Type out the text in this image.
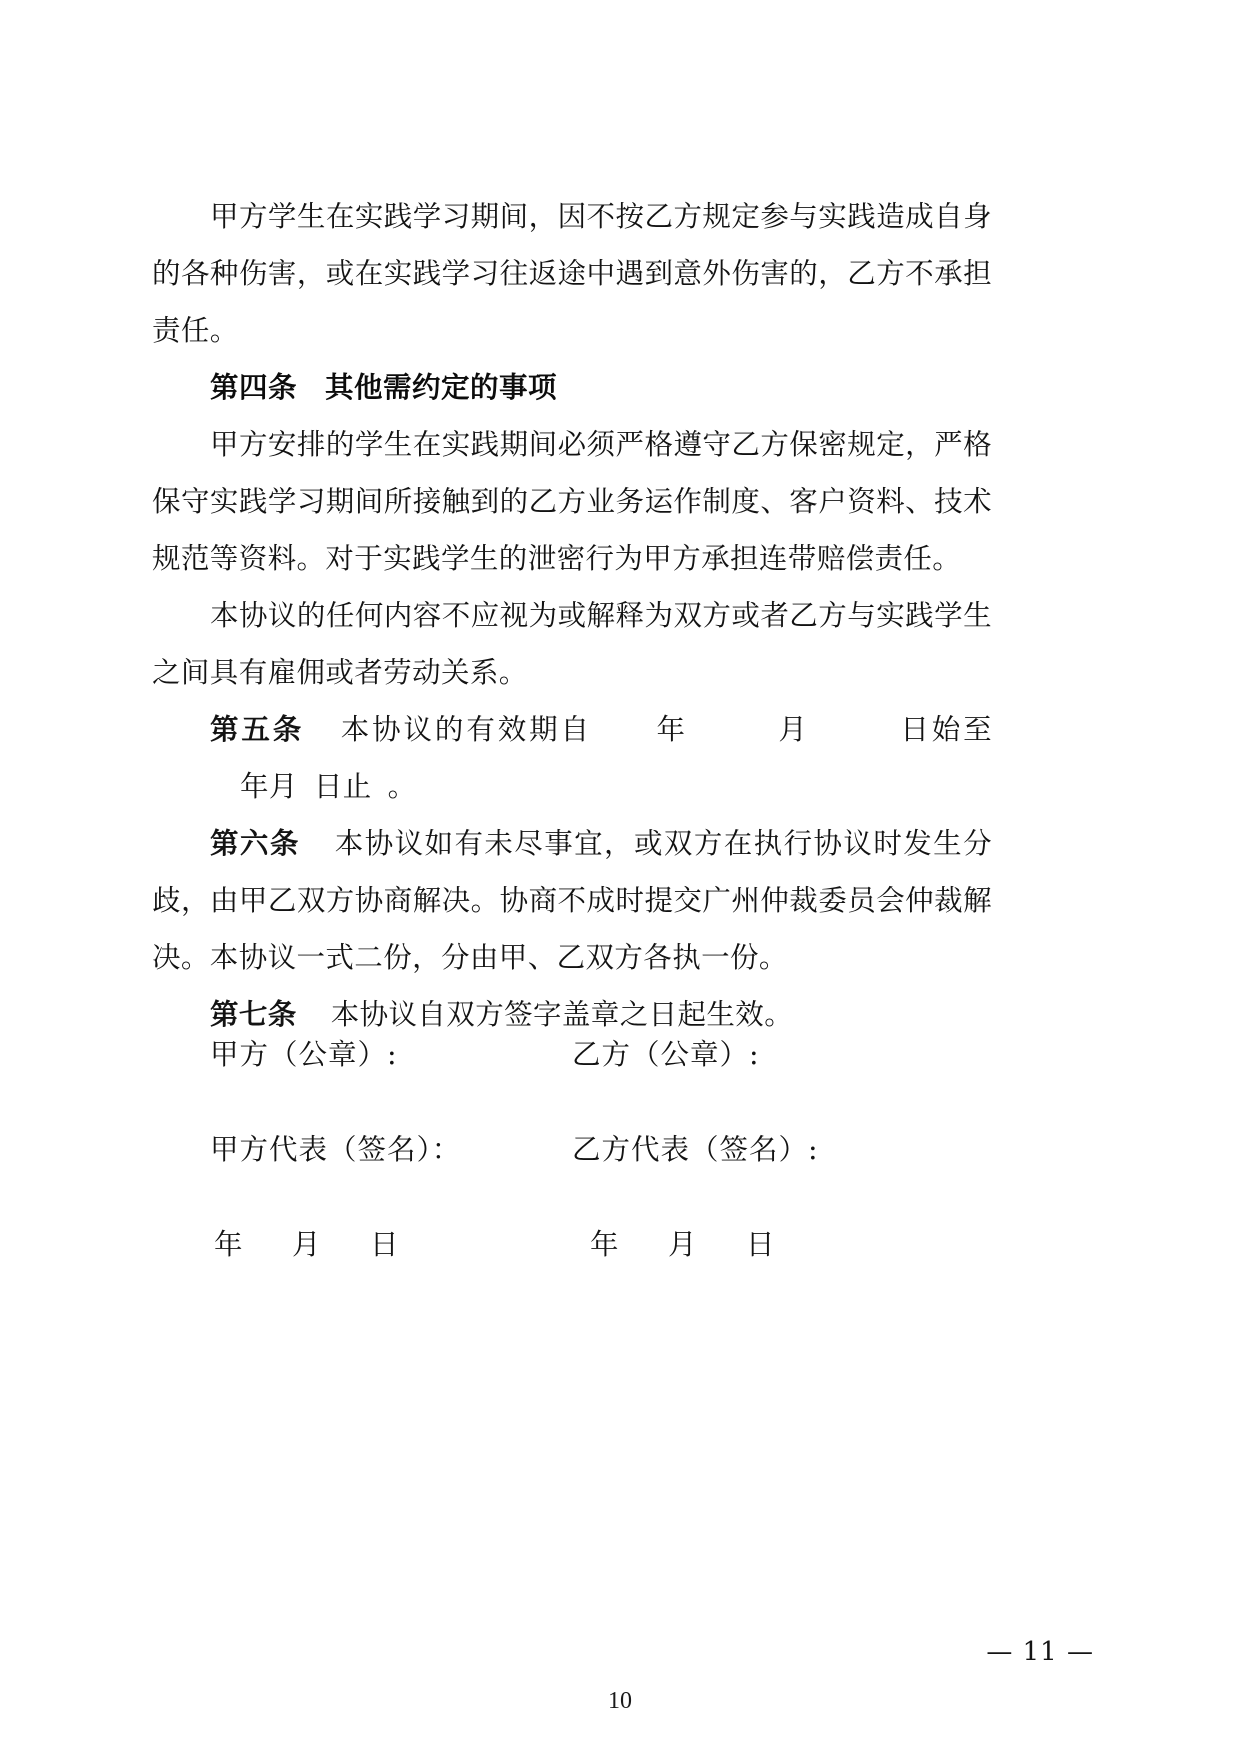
甲方学生在实践学习期间，因不按乙方规定参与实践造成自身的各种伤害，或在实践学习往返途中遇到意外伤害的，乙方不承担责任。

第四条 其他需约定的事项

甲方安排的学生在实践期间必须严格遵守乙方保密规定，严格保守实践学习期间所接触到的乙方业务运作制度、客户资料、技术规范等资料。对于实践学生的泄密行为甲方承担连带赔偿责任。

本协议的任何内容不应视为或解释为双方或者乙方与实践学生之间具有雇佣或者劳动关系。

第五条 本协议的有效期自 年	月	日始至年月 日止 。

第六条 本协议如有未尽事宜，或双方在执行协议时发生分歧，由甲乙双方协商解决。协商不成时提交广州仲裁委员会仲裁解决。本协议一式二份，分由甲、乙双方各执一份。

第七条 本协议自双方签字盖章之日起生效。

甲方（公章）:	乙方（公章）:
甲方代表（签名）：	乙方代表（签名）:
年 月 日	年 月 日
— 11 —
10
